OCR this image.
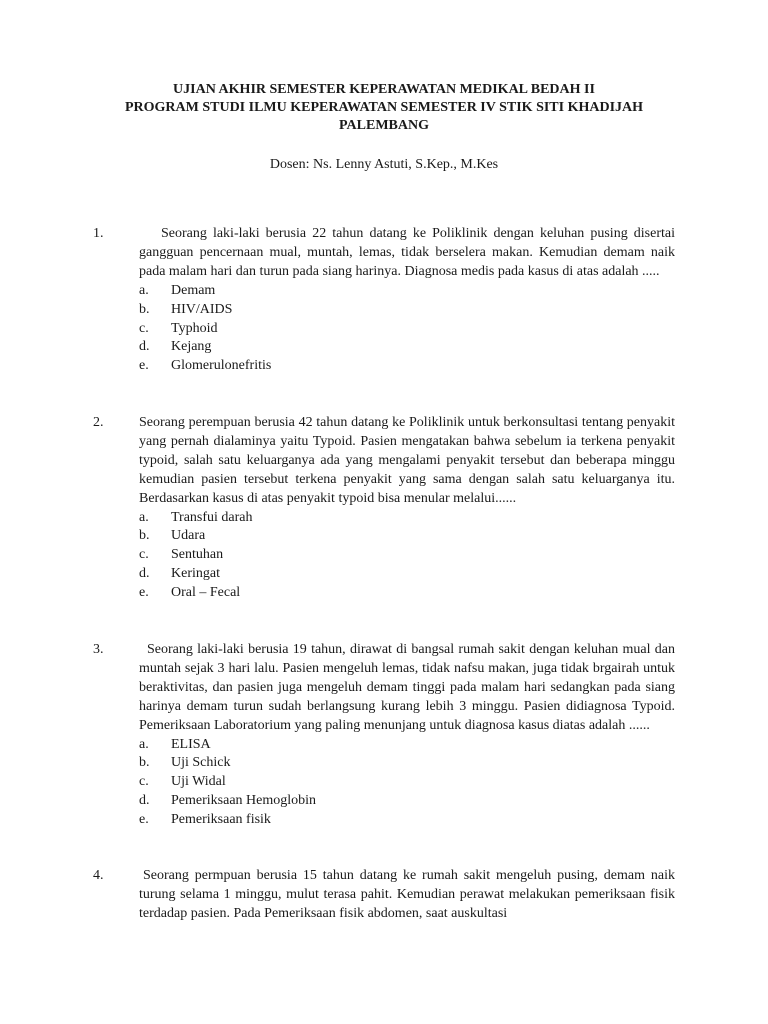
UJIAN AKHIR SEMESTER KEPERAWATAN MEDIKAL BEDAH II
PROGRAM STUDI ILMU KEPERAWATAN SEMESTER IV STIK SITI KHADIJAH
PALEMBANG
Dosen: Ns. Lenny Astuti, S.Kep., M.Kes
1.	Seorang laki-laki berusia 22 tahun datang ke Poliklinik dengan keluhan pusing disertai gangguan pencernaan mual, muntah, lemas, tidak berselera makan. Kemudian demam naik pada malam hari dan turun pada siang harinya. Diagnosa medis pada kasus di atas adalah .....
a.	Demam
b.	HIV/AIDS
c.	Typhoid
d.	Kejang
e.	Glomerulonefritis
2.	Seorang perempuan berusia 42 tahun datang ke Poliklinik untuk berkonsultasi tentang penyakit yang pernah dialaminya yaitu Typoid. Pasien mengatakan bahwa sebelum ia terkena penyakit typoid, salah satu keluarganya ada yang mengalami penyakit tersebut dan beberapa minggu kemudian pasien tersebut terkena penyakit yang sama dengan salah satu keluarganya itu. Berdasarkan kasus di atas penyakit typoid bisa menular melalui......
a.	Transfui darah
b.	Udara
c.	Sentuhan
d.	Keringat
e.	Oral – Fecal
3.	Seorang laki-laki berusia 19 tahun, dirawat di bangsal rumah sakit dengan keluhan mual dan muntah sejak 3 hari lalu. Pasien mengeluh lemas, tidak nafsu makan, juga tidak brgairah untuk beraktivitas, dan pasien juga mengeluh demam tinggi pada malam hari sedangkan pada siang harinya demam turun sudah berlangsung kurang lebih 3 minggu. Pasien didiagnosa Typoid. Pemeriksaan Laboratorium yang paling menunjang untuk diagnosa kasus diatas adalah ......
a.	ELISA
b.	Uji Schick
c.	Uji Widal
d.	Pemeriksaan Hemoglobin
e.	Pemeriksaan fisik
4.	Seorang permpuan berusia 15 tahun datang ke rumah sakit mengeluh pusing, demam naik turung selama 1 minggu, mulut terasa pahit. Kemudian perawat melakukan pemeriksaan fisik terdadap pasien. Pada Pemeriksaan fisik abdomen, saat auskultasi
